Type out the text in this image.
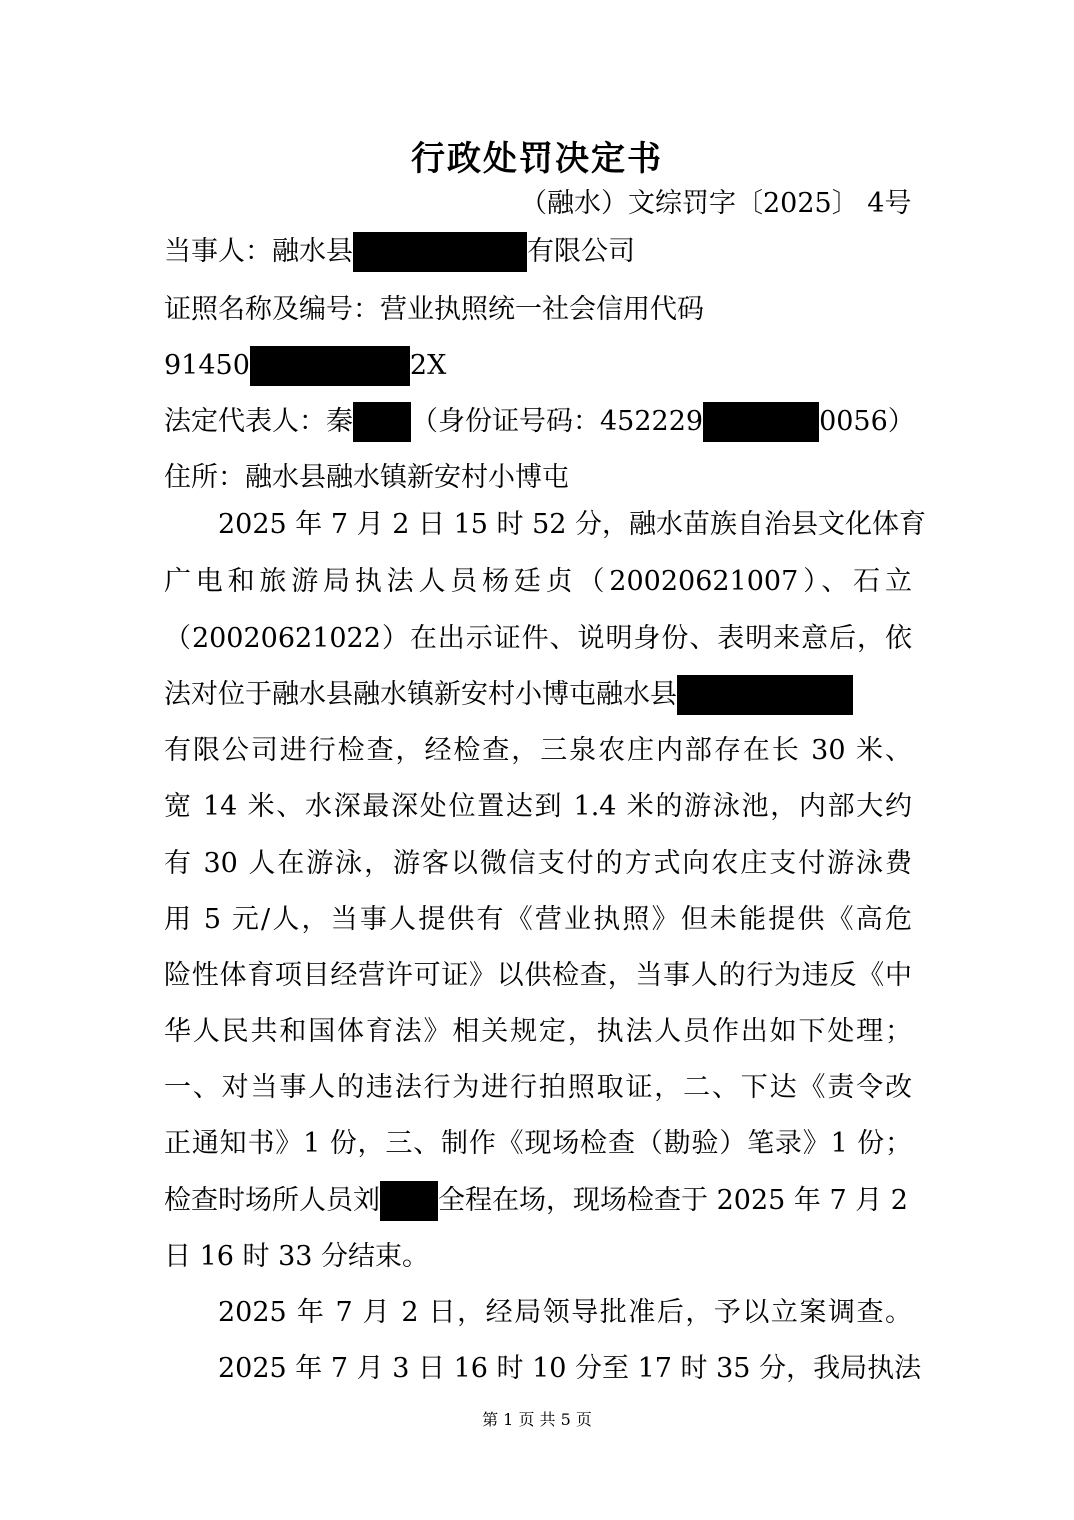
行政处罚决定书
（融水）文综罚字〔2025〕 4号
当事人：融水县	有限公司
证照名称及编号：营业执照统一社会信用代码
91450	2X
法定代表人：秦 （身份证号码：452229	0056）
住所：融水县融水镇新安村小博屯
2025 年 7 月 2 日 15 时 52 分，融水苗族自治县文化体育
广电和旅游局执法人员杨廷贞（20020621007）、石立
（20020621022）在出示证件、说明身份、表明来意后，依
法对位于融水县融水镇新安村小博屯融水县
有限公司进行检查，经检查，三泉农庄内部存在长 30 米、
宽 14 米、水深最深处位置达到 1.4 米的游泳池，内部大约
有 30 人在游泳，游客以微信支付的方式向农庄支付游泳费
用 5 元/人，当事人提供有《营业执照》但未能提供《高危
险性体育项目经营许可证》以供检查，当事人的行为违反《中
华人民共和国体育法》相关规定，执法人员作出如下处理；
一、对当事人的违法行为进行拍照取证，二、下达《责令改
正通知书》1 份，三、制作《现场检查（勘验）笔录》1 份；
检查时场所人员刘 全程在场，现场检查于 2025 年 7 月 2
日 16 时 33 分结束。
2025 年 7 月 2 日，经局领导批准后，予以立案调查。
2025 年 7 月 3 日 16 时 10 分至 17 时 35 分，我局执法
第 1 页 共 5 页
